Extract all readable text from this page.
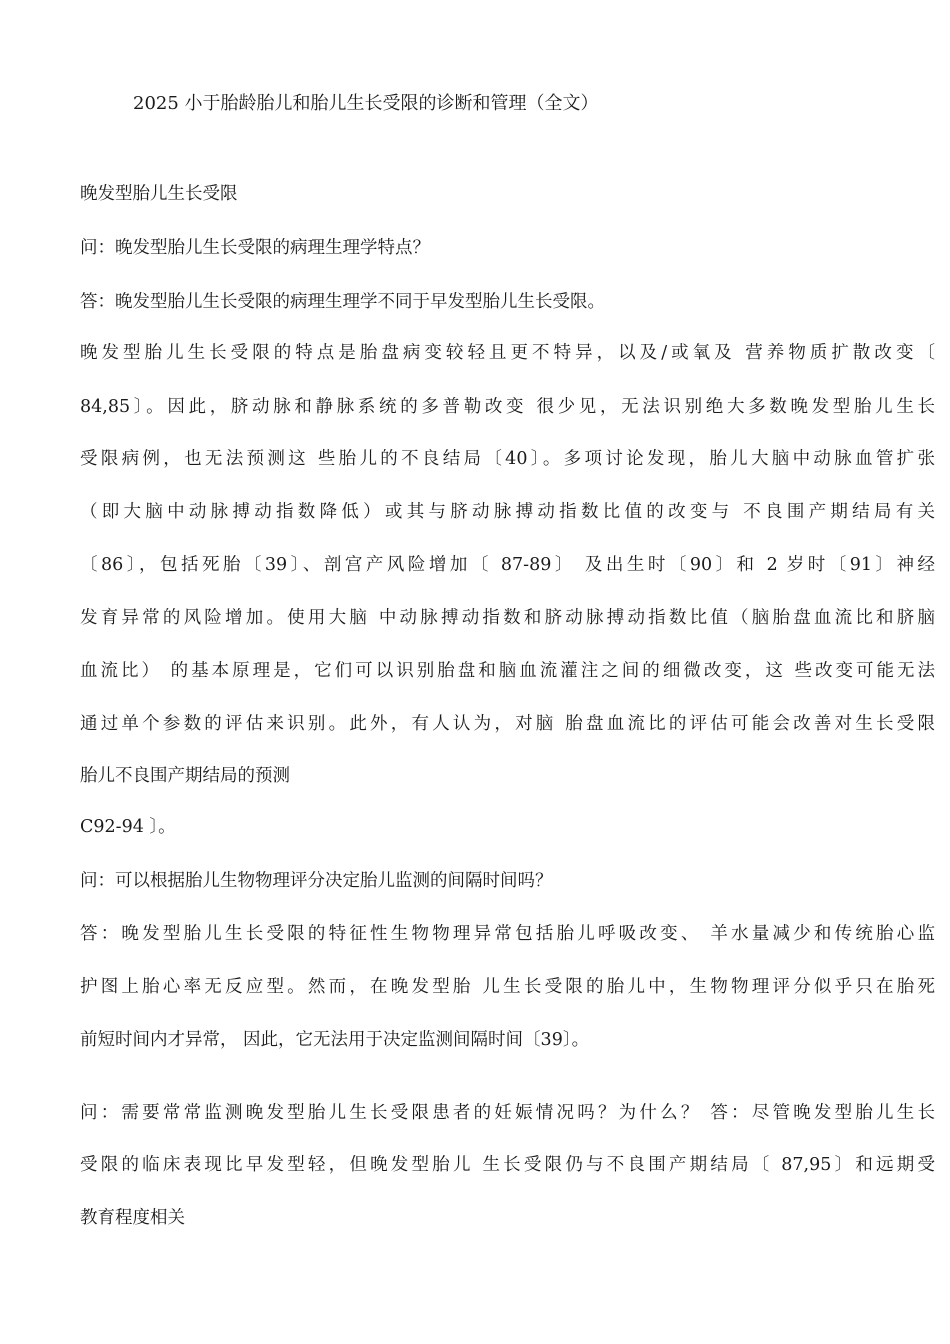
2025 小于胎龄胎儿和胎儿生长受限的诊断和管理（全文）
晚发型胎儿生长受限
问：晚发型胎儿生长受限的病理生理学特点？
答：晚发型胎儿生长受限的病理生理学不同于早发型胎儿生长受限。
晚发型胎儿生长受限的特点是胎盘病变较轻且更不特异，以及/或氧及 营养物质扩散改变〔
84,85〕。因此，脐动脉和静脉系统的多普勒改变 很少见，无法识别绝大多数晚发型胎儿生长
受限病例，也无法预测这 些胎儿的不良结局〔40〕。多项讨论发现，胎儿大脑中动脉血管扩张
（即大脑中动脉搏动指数降低）或其与脐动脉搏动指数比值的改变与 不良围产期结局有关
〔86〕，包括死胎〔39〕、剖宫产风险增加〔 87-89〕 及出生时〔90〕和 2 岁时〔91〕神经
发育异常的风险增加。使用大脑 中动脉搏动指数和脐动脉搏动指数比值（脑胎盘血流比和脐脑
血流比） 的基本原理是，它们可以识别胎盘和脑血流灌注之间的细微改变，这 些改变可能无法
通过单个参数的评估来识别。此外，有人认为，对脑 胎盘血流比的评估可能会改善对生长受限
胎儿不良围产期结局的预测
C92-94 〕。
问：可以根据胎儿生物物理评分决定胎儿监测的间隔时间吗？
答：晚发型胎儿生长受限的特征性生物物理异常包括胎儿呼吸改变、 羊水量减少和传统胎心监
护图上胎心率无反应型。然而，在晚发型胎 儿生长受限的胎儿中，生物物理评分似乎只在胎死
前短时间内才异常， 因此，它无法用于决定监测间隔时间〔39〕。
问：需要常常监测晚发型胎儿生长受限患者的妊娠情况吗？为什么？ 答：尽管晚发型胎儿生长
受限的临床表现比早发型轻，但晚发型胎儿 生长受限仍与不良围产期结局〔 87,95〕和远期受
教育程度相关
